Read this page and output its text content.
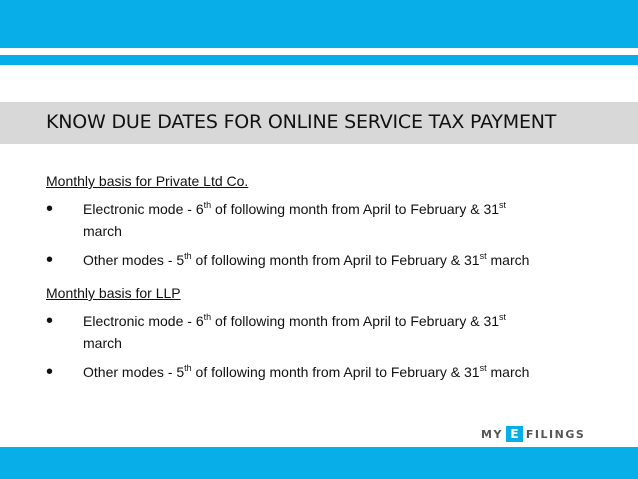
KNOW DUE DATES FOR ONLINE SERVICE TAX PAYMENT
Monthly basis for Private Ltd Co.
• Electronic mode - 6th of following month from April to February & 31st
march
• Other modes - 5th of following month from April to February & 31st march
Monthly basis for LLP
• Electronic mode - 6th of following month from April to February & 31st
march
• Other modes - 5th of following month from April to February & 31st march
MY E FILINGS
